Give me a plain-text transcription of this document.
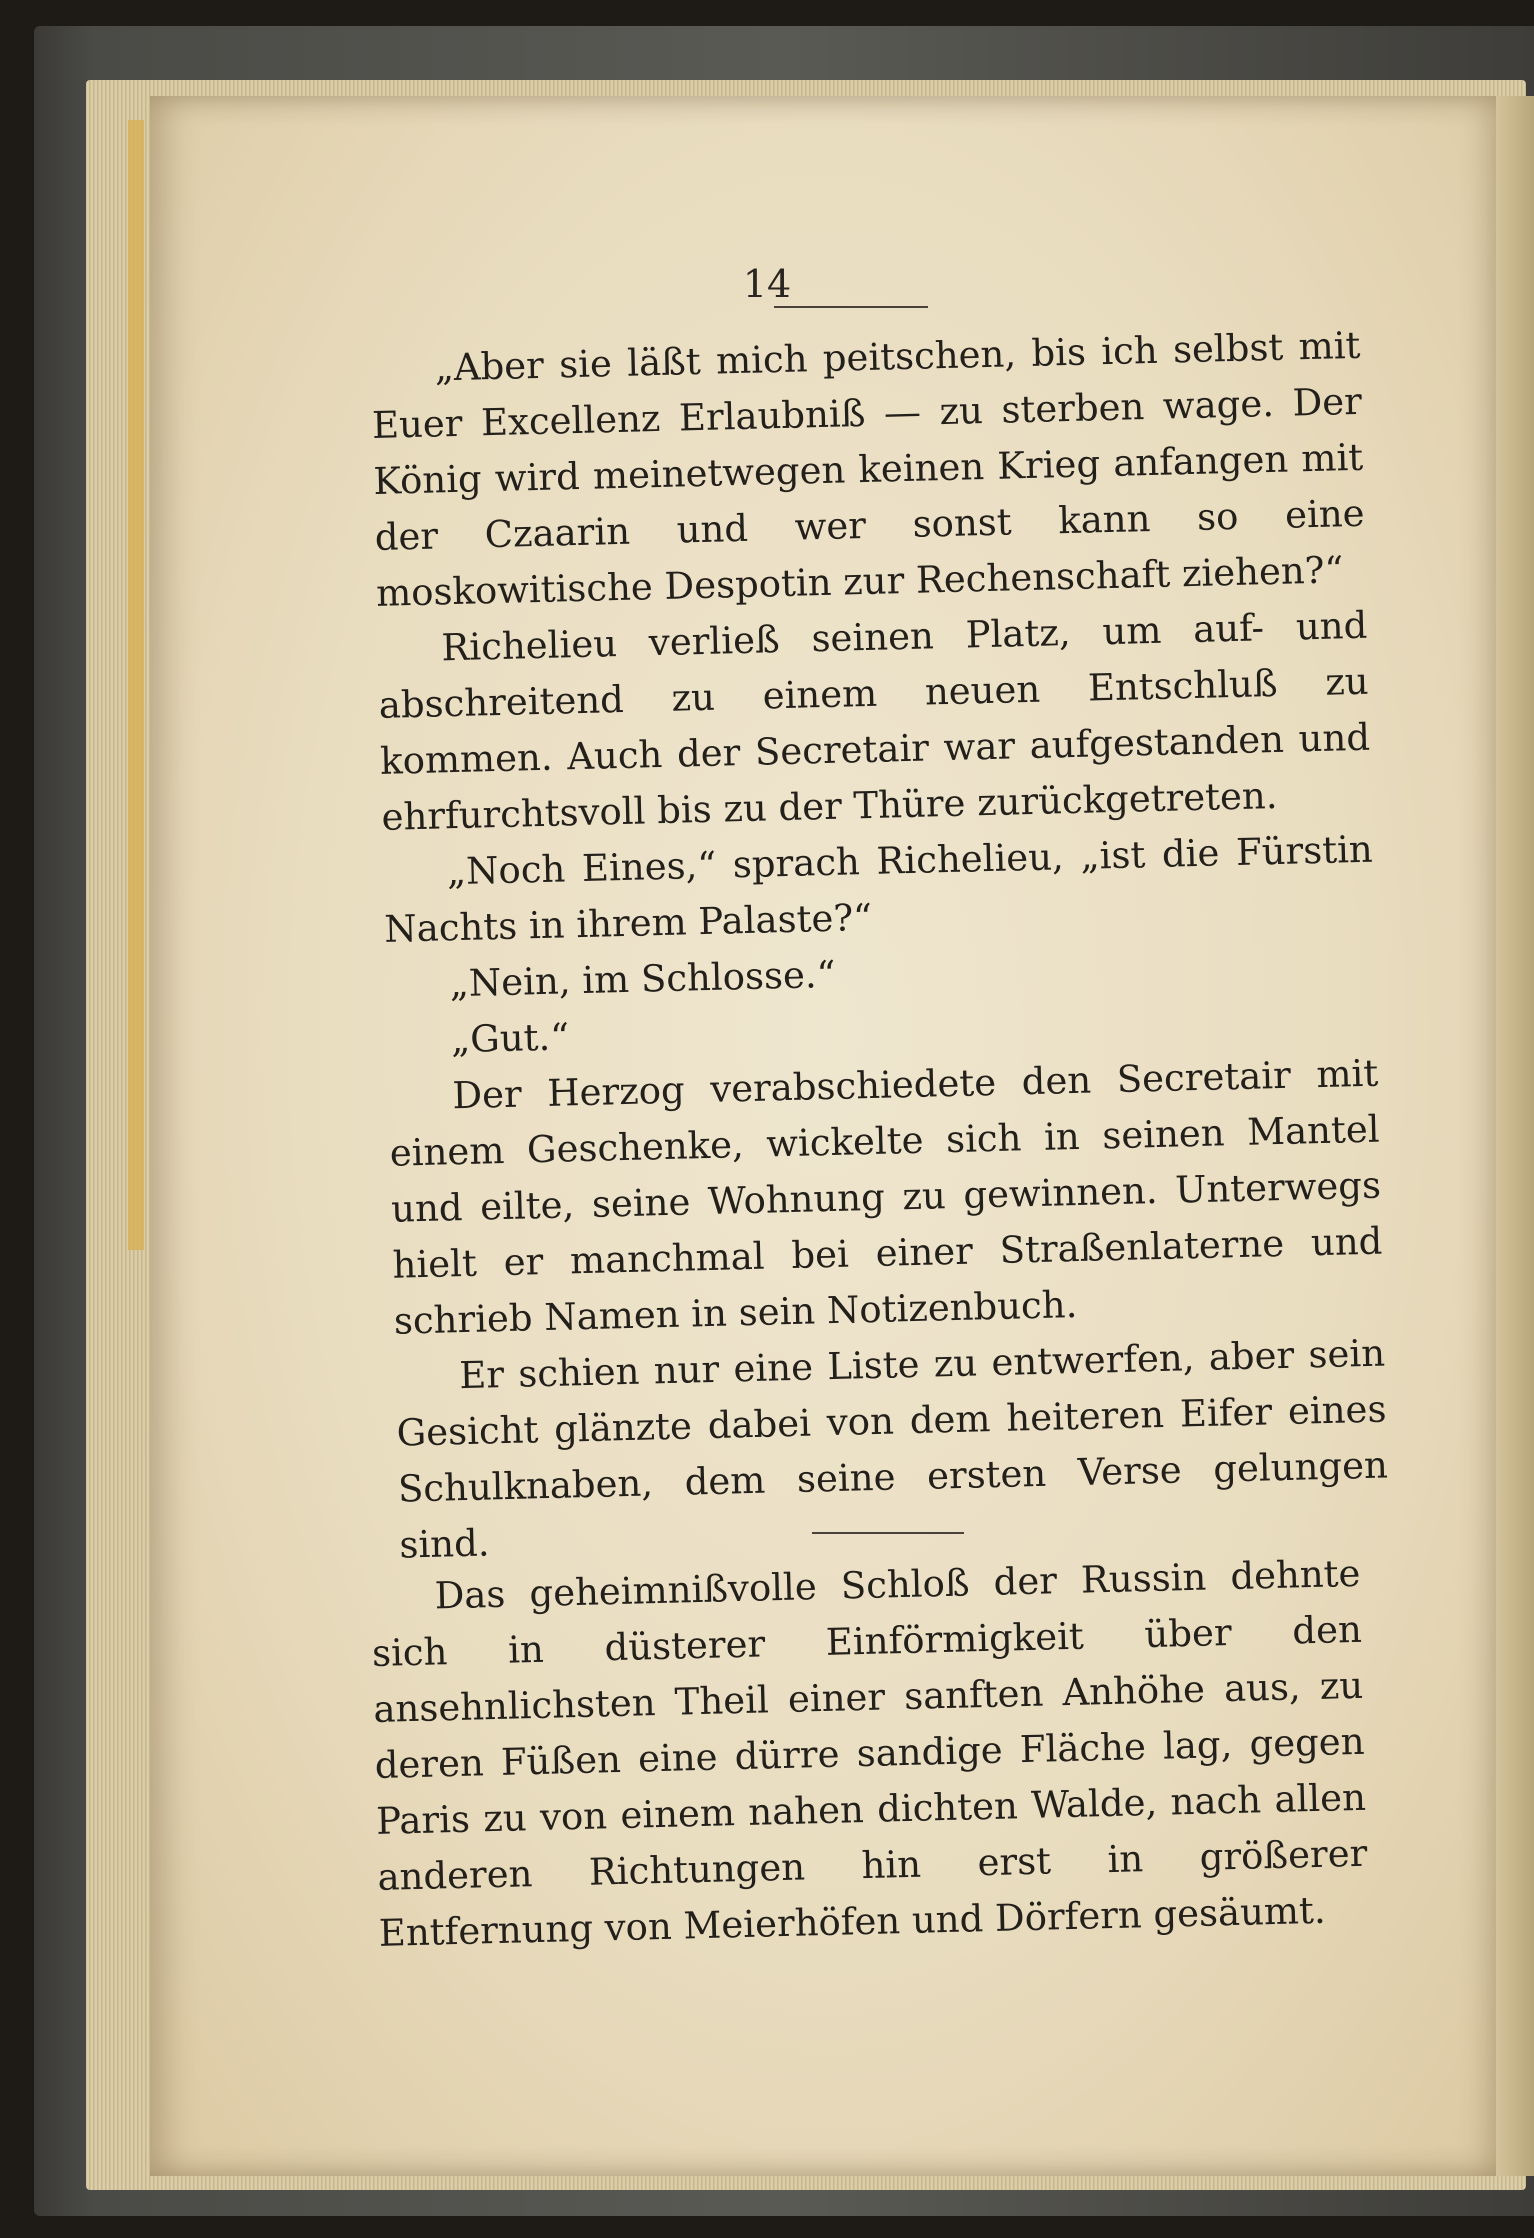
14

„Aber sie läßt mich peitschen, bis ich selbst mit Euer Excellenz Erlaubniß — zu sterben wage. Der König wird meinetwegen keinen Krieg anfangen mit der Czaarin und wer sonst kann so eine moskowitische Despotin zur Rechenschaft ziehen?“

Richelieu verließ seinen Platz, um auf- und abschreitend zu einem neuen Entschluß zu kommen. Auch der Secretair war aufgestanden und ehrfurchtsvoll bis zu der Thüre zurückgetreten.

„Noch Eines,“ sprach Richelieu, „ist die Fürstin Nachts in ihrem Palaste?“

„Nein, im Schlosse.“

„Gut.“

Der Herzog verabschiedete den Secretair mit einem Geschenke, wickelte sich in seinen Mantel und eilte, seine Wohnung zu gewinnen. Unterwegs hielt er manchmal bei einer Straßenlaterne und schrieb Namen in sein Notizenbuch.

Er schien nur eine Liste zu entwerfen, aber sein Gesicht glänzte dabei von dem heiteren Eifer eines Schulknaben, dem seine ersten Verse gelungen sind.

Das geheimnißvolle Schloß der Russin dehnte sich in düsterer Einförmigkeit über den ansehnlichsten Theil einer sanften Anhöhe aus, zu deren Füßen eine dürre sandige Fläche lag, gegen Paris zu von einem nahen dichten Walde, nach allen anderen Richtungen hin erst in größerer Entfernung von Meierhöfen und Dörfern gesäumt.
